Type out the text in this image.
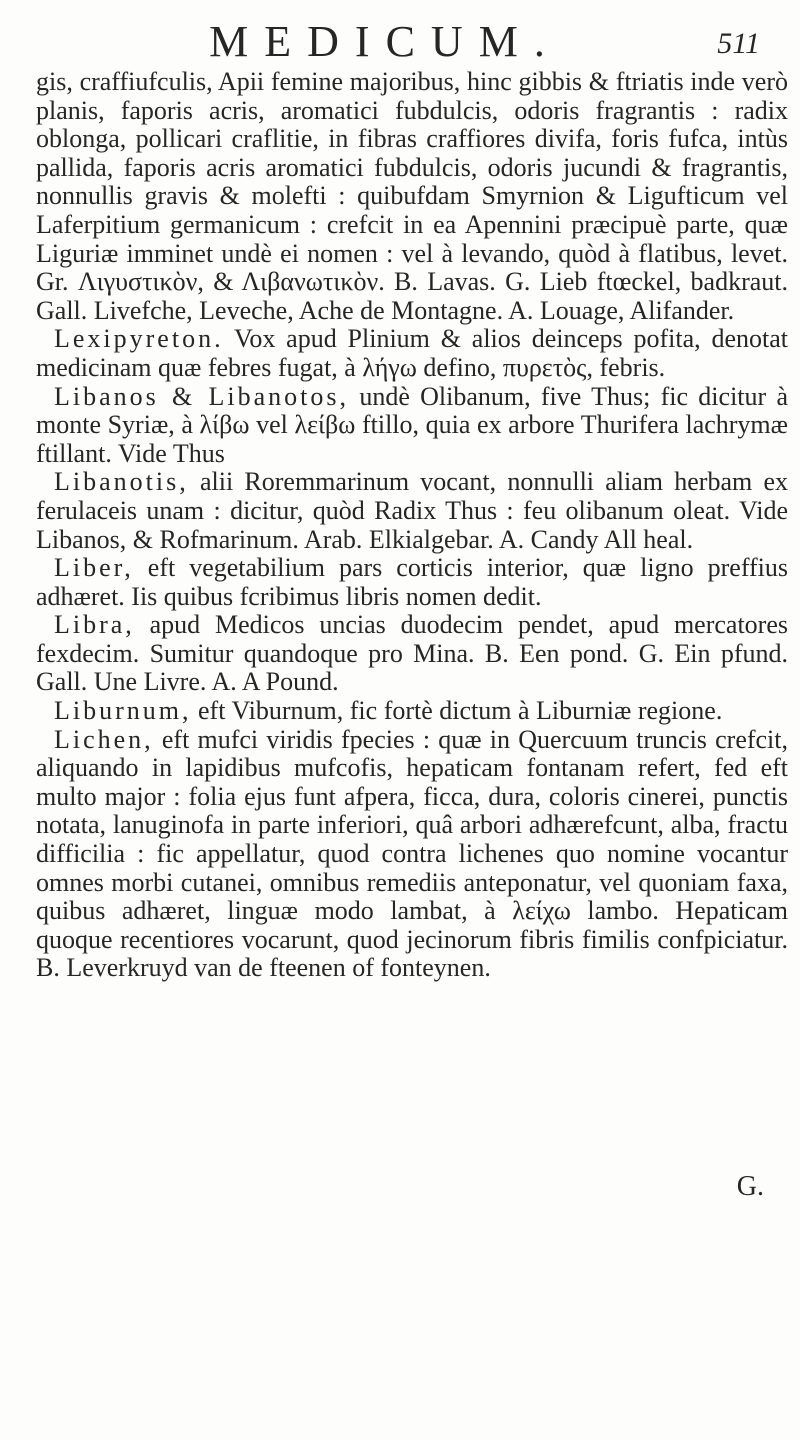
MEDICUM.	511

gis, craffiufculis, Apii femine majoribus, hinc gibbis & ftriatis inde verò planis, faporis acris, aromatici fubdulcis, odoris fragrantis : radix oblonga, pollicari craflitie, in fibras craffiores divifa, foris fufca, intùs pallida, faporis acris aromatici fubdulcis, odoris jucundi & fragrantis, nonnullis gravis & molefti : quibufdam Smyrnion & Ligufticum vel Laferpitium germanicum : crefcit in ea Apennini præcipuè parte, quæ Liguriæ imminet undè ei nomen : vel à levando, quòd à flatibus, levet. Gr. Λιγυστικὸν, & Λιβανωτικὸν. B. Lavas. G. Lieb ftœckel, badkraut. Gall. Livefche, Leveche, Ache de Montagne. A. Louage, Alifander.

Lexipyreton. Vox apud Plinium & alios deinceps pofita, denotat medicinam quæ febres fugat, à λήγω defino, πυρετὸς, febris.

Libanos & Libanotos, undè Olibanum, five Thus; fic dicitur à monte Syriæ, à λίβω vel λείβω ftillo, quia ex arbore Thurifera lachrymæ ftillant. Vide Thus

Libanotis, alii Roremmarinum vocant, nonnulli aliam herbam ex ferulaceis unam : dicitur, quòd Radix Thus : feu olibanum oleat. Vide Libanos, & Rofmarinum. Arab. Elkialgebar. A. Candy All heal.

Liber, eft vegetabilium pars corticis interior, quæ ligno preffius adhæret. Iis quibus fcribimus libris nomen dedit.

Libra, apud Medicos uncias duodecim pendet, apud mercatores fexdecim. Sumitur quandoque pro Mina. B. Een pond. G. Ein pfund. Gall. Une Livre. A. A Pound.

Liburnum, eft Viburnum, fic fortè dictum à Liburniæ regione.

Lichen, eft mufci viridis fpecies : quæ in Quercuum truncis crefcit, aliquando in lapidibus mufcofis, hepaticam fontanam refert, fed eft multo major : folia ejus funt afpera, ficca, dura, coloris cinerei, punctis notata, lanuginofa in parte inferiori, quâ arbori adhærefcunt, alba, fractu difficilia : fic appellatur, quod contra lichenes quo nomine vocantur omnes morbi cutanei, omnibus remediis anteponatur, vel quoniam faxa, quibus adhæret, linguæ modo lambat, à λείχω lambo. Hepaticam quoque recentiores vocarunt, quod jecinorum fibris fimilis confpiciatur. B. Leverkruyd van de fteenen of fonteynen.

G.
